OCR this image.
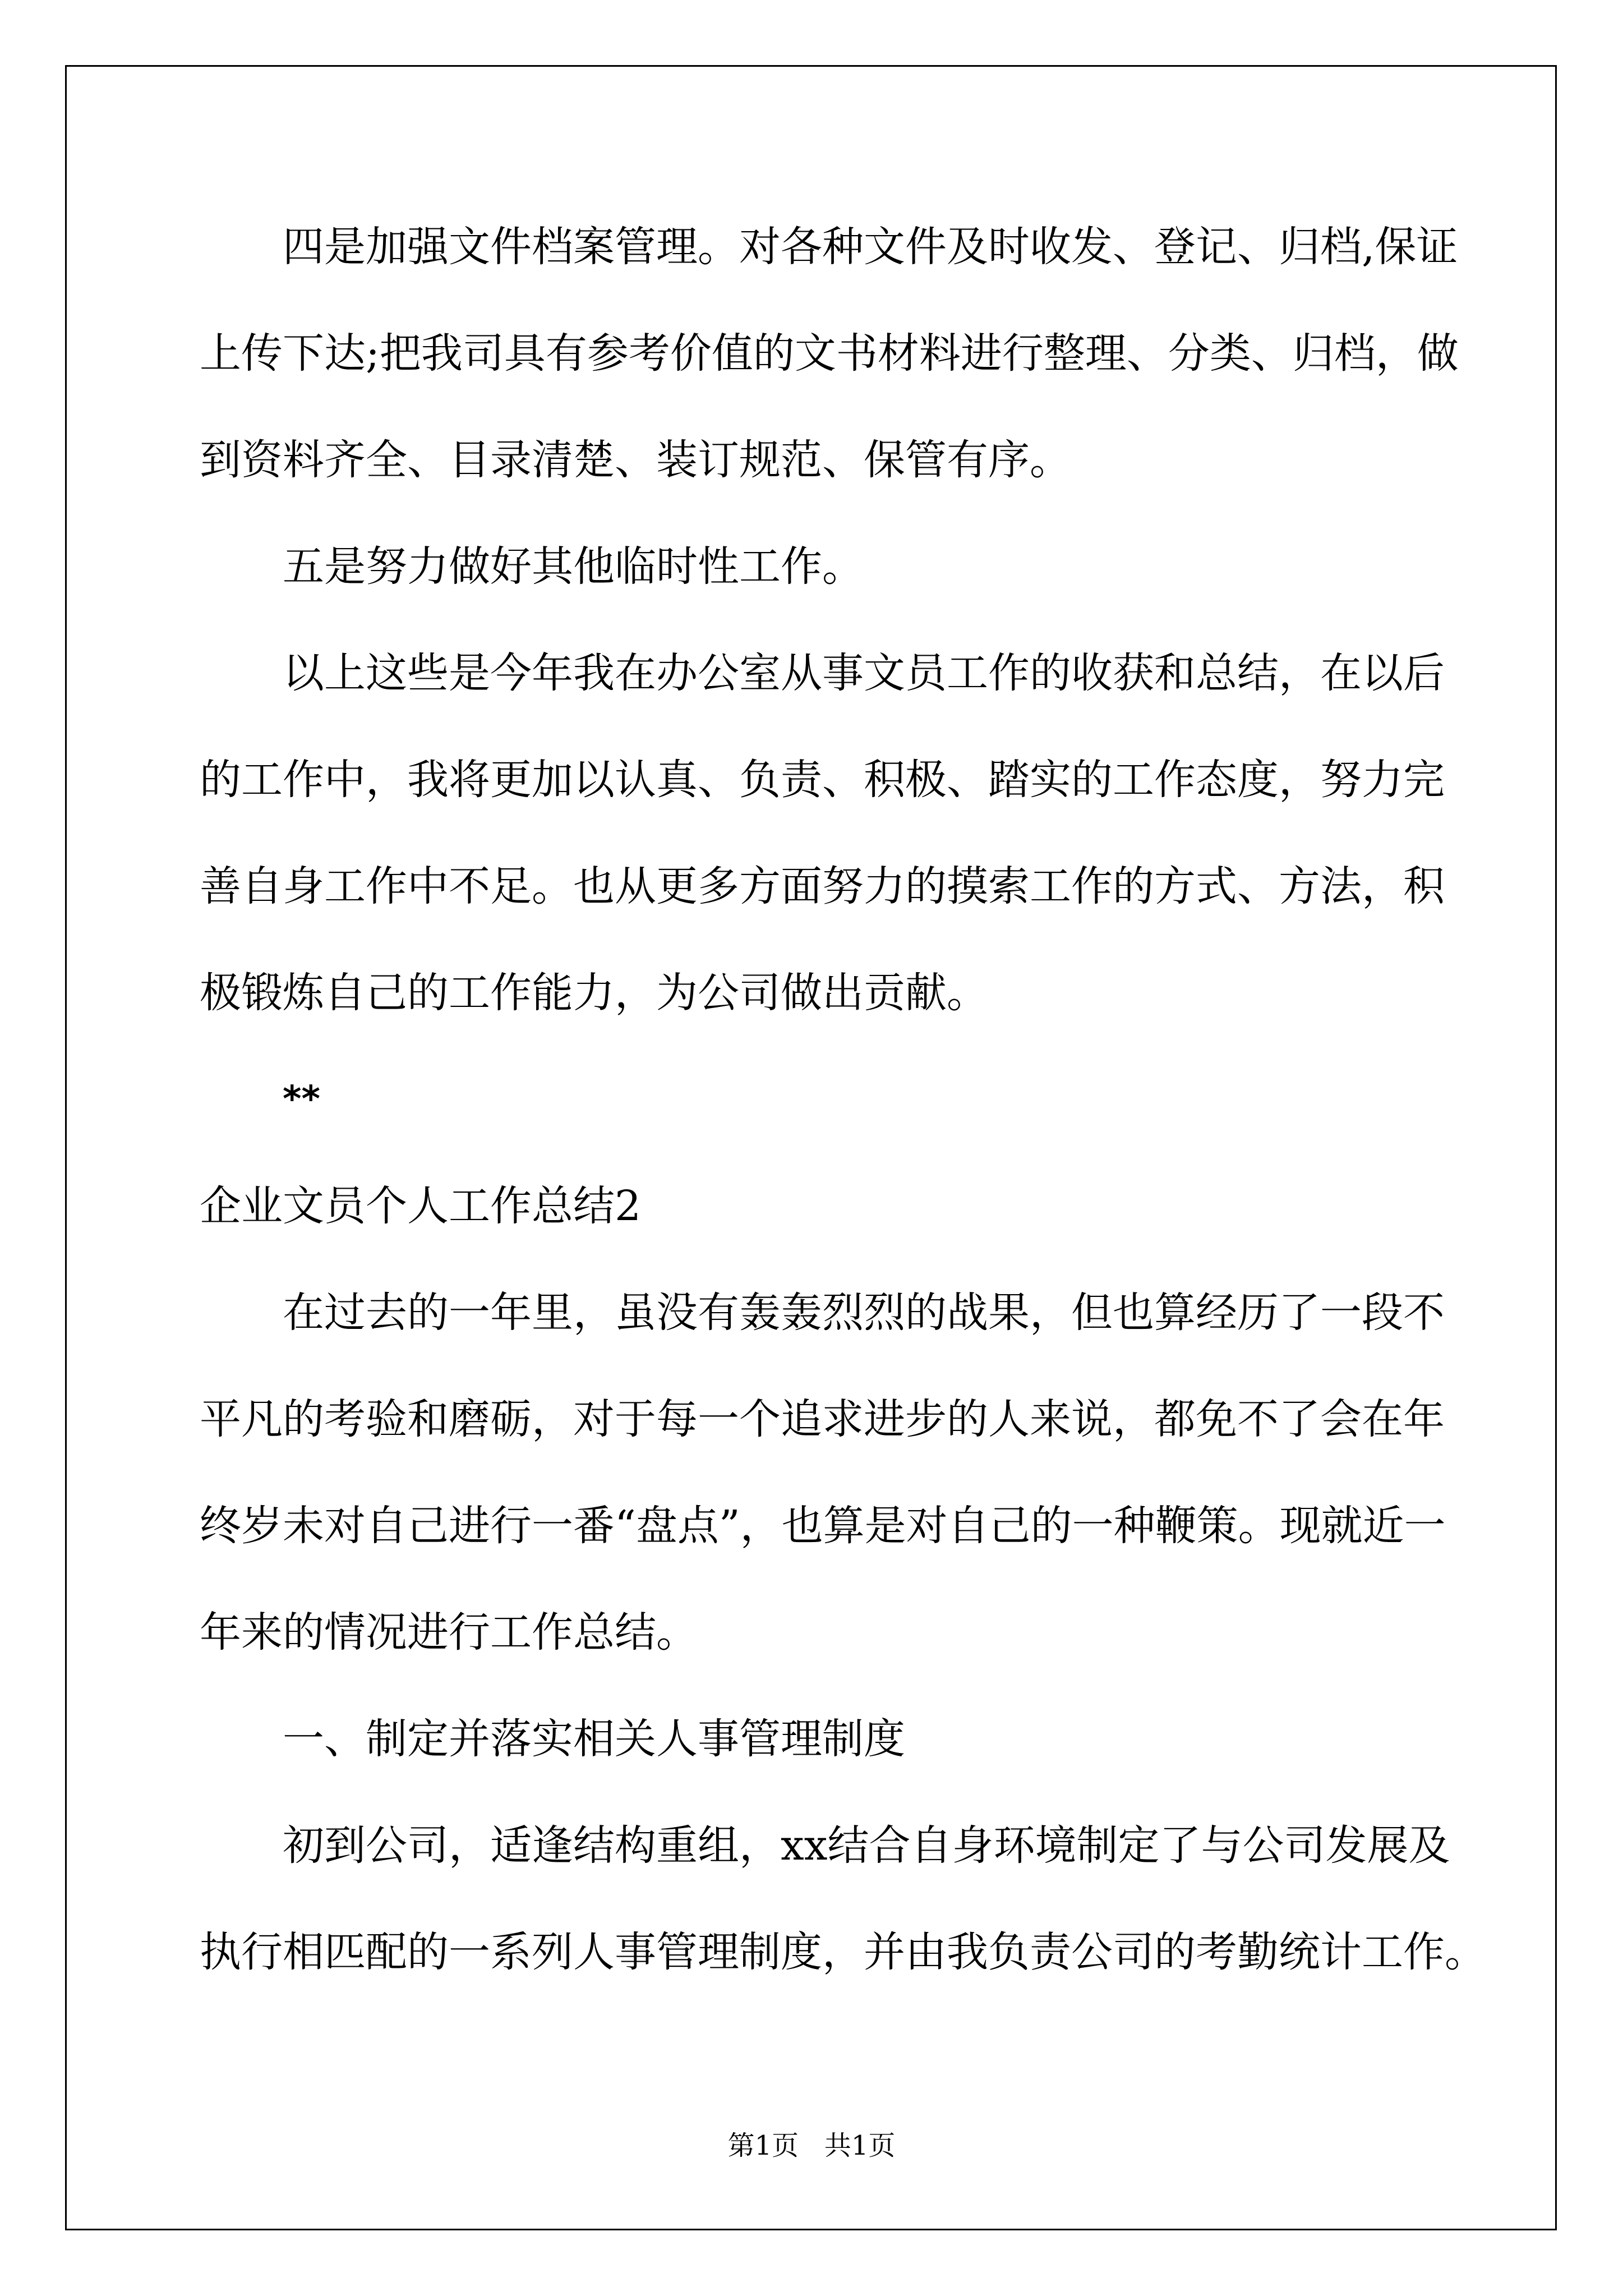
四是加强文件档案管理。对各种文件及时收发、登记、归档,保证
上传下达;把我司具有参考价值的文书材料进行整理、分类、归档，做
到资料齐全、目录清楚、装订规范、保管有序。
五是努力做好其他临时性工作。
以上这些是今年我在办公室从事文员工作的收获和总结，在以后
的工作中，我将更加以认真、负责、积极、踏实的工作态度，努力完
善自身工作中不足。也从更多方面努力的摸索工作的方式、方法，积
极锻炼自己的工作能力，为公司做出贡献。
**
企业文员个人工作总结2
在过去的一年里，虽没有轰轰烈烈的战果，但也算经历了一段不
平凡的考验和磨砺，对于每一个追求进步的人来说，都免不了会在年
终岁未对自己进行一番“盘点”，也算是对自己的一种鞭策。现就近一
年来的情况进行工作总结。
一、制定并落实相关人事管理制度
初到公司，适逢结构重组，xx结合自身环境制定了与公司发展及
执行相匹配的一系列人事管理制度，并由我负责公司的考勤统计工作。
第1页   共1页
